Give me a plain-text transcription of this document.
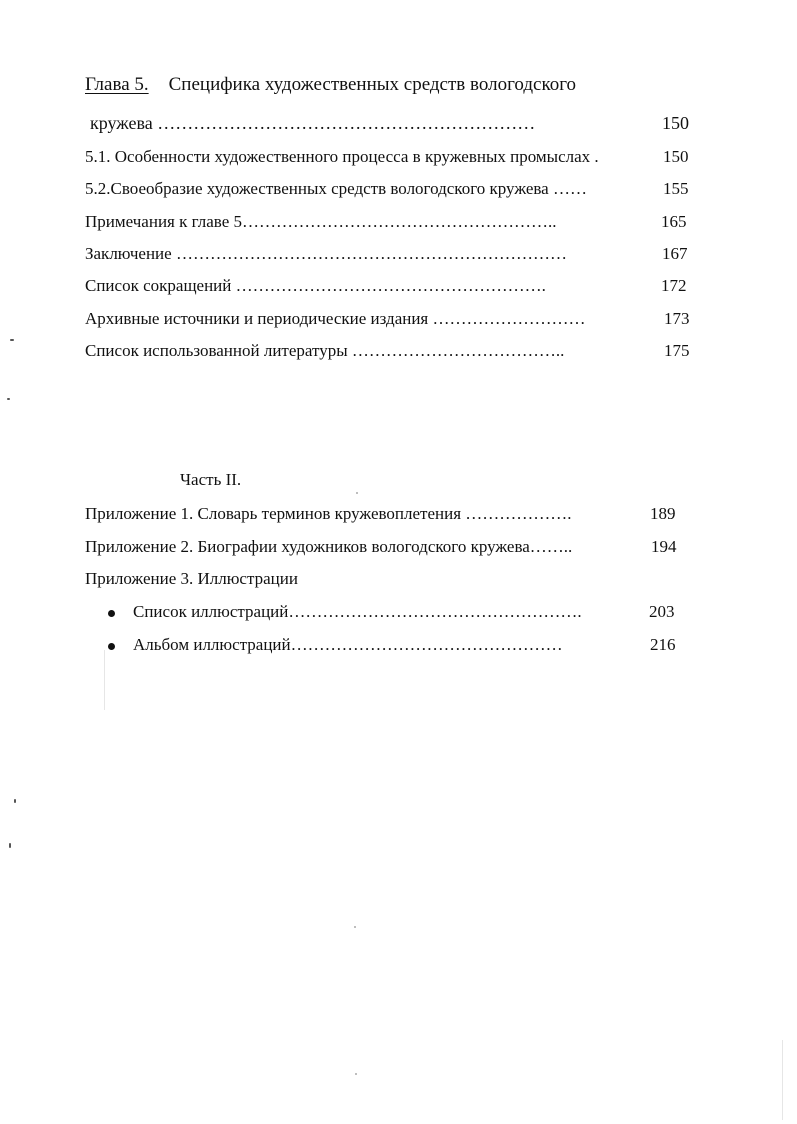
Глава 5. Специфика художественных средств вологодского
кружева ………………………………………………………	150
5.1. Особенности художественного процесса в кружевных промыслах .	150
5.2.Своеобразие художественных средств вологодского кружева ……	155
Примечания к главе 5………………………………………………..	165
Заключение ……………………………………………………………	167
Список сокращений ……………………………………………….	172
Архивные источники и периодические издания ………………………	173
Список использованной литературы ………………………………..	175
Часть II.
Приложение 1. Словарь терминов кружевоплетения ……………….	189
Приложение 2. Биографии художников вологодского кружева……..	194
Приложение 3. Иллюстрации
Список иллюстраций…………………………………………….	203
Альбом иллюстраций…………………………………………	216
